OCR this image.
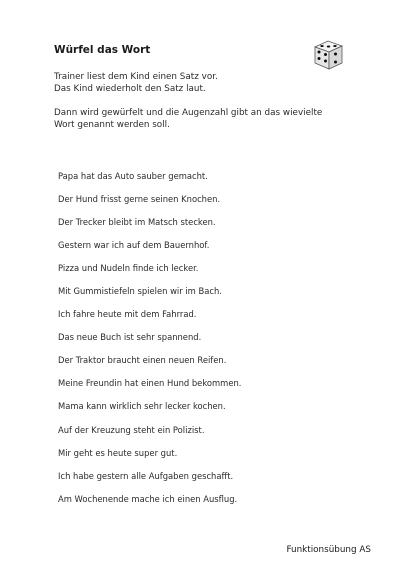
Würfel das Wort

Trainer liest dem Kind einen Satz vor.

Das Kind wiederholt den Satz laut.

Dann wird gewürfelt und die Augenzahl gibt an das wievielte

Wort genannt werden soll.

Papa hat das Auto sauber gemacht.
Der Hund frisst gerne seinen Knochen.
Der Trecker bleibt im Matsch stecken.
Gestern war ich auf dem Bauernhof.
Pizza und Nudeln finde ich lecker.
Mit Gummistiefeln spielen wir im Bach.
Ich fahre heute mit dem Fahrrad.
Das neue Buch ist sehr spannend.
Der Traktor braucht einen neuen Reifen.
Meine Freundin hat einen Hund bekommen.
Mama kann wirklich sehr lecker kochen.
Auf der Kreuzung steht ein Polizist.
Mir geht es heute super gut.
Ich habe gestern alle Aufgaben geschafft.
Am Wochenende mache ich einen Ausflug.
Funktionsübung AS
